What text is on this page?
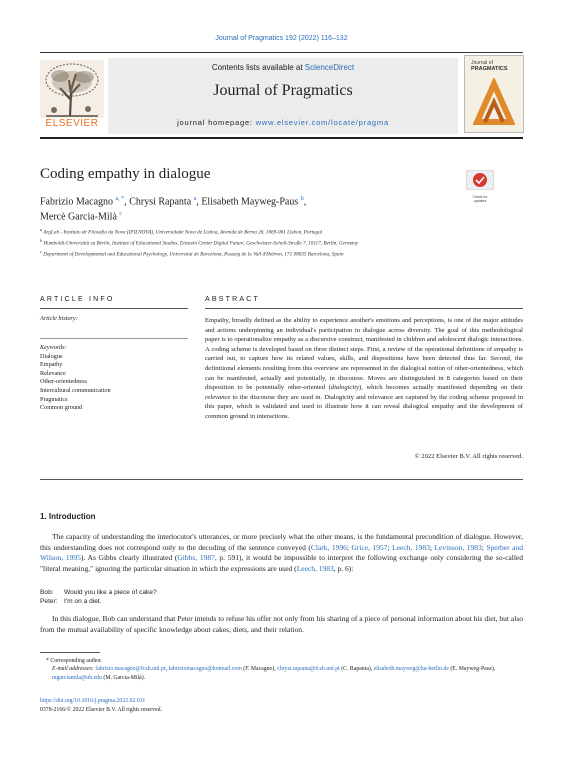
Journal of Pragmatics 192 (2022) 116–132
ELSEVIER
Contents lists available at ScienceDirect
Journal of Pragmatics
journal homepage: www.elsevier.com/locate/pragma
Journal of
PRAGMATICS
Coding empathy in dialogue
Check for
updates
Fabrizio Macagno $^{a, *}$, Chrysi Rapanta $^a$, Elisabeth Mayweg-Paus $^b$,
Mercè Garcia-Milà $^c$
$^a$ ArgLab - Instituto de Filosofia da Nova (IFILNOVA), Universidade Nova de Lisboa, Avenida de Berna 26, 1069-061 Lisbon, Portugal
$^b$ Humboldt-Universität zu Berlin, Institute of Educational Studies, Einstein Center Digital Future, Geschwister-Scholl-Straße 7, 10117, Berlin, Germany
$^c$ Department of Developmental and Educational Psychology, Universitat de Barcelona, Passeig de la Vall d'Hebron, 171 08035 Barcelona, Spain
ARTICLE INFO	ABSTRACT
Article history:
Keywords:
Dialogue
Empathy
Relevance
Other-orientedness
Intercultural communication
Pragmatics
Common ground
Empathy, broadly defined as the ability to experience another's emotions and perceptions, is one of the major attitudes and actions underpinning an individual's participation in dialogue across diversity. The goal of this methodological paper is to operationalize empathy as a discursive construct, manifested in children and adolescent dialogic interactions. A coding scheme is developed based on three distinct steps. First, a review of the operational definitions of empathy is carried out, to capture how its related values, skills, and dispositions have been detected thus far. Second, the definitional elements resulting from this overview are represented in the dialogical notion of other-orientedness, which can be manifested, actually and potentially, in discourse. Moves are distinguished in 8 categories based on their disposition to be potentially other-oriented (dialogicity), which becomes actually manifested depending on their relevance to the discourse they are used in. Dialogicity and relevance are captured by the coding scheme proposed in this paper, which is validated and used to illustrate how it can reveal dialogical empathy and the development of common ground in interactions.
© 2022 Elsevier B.V. All rights reserved.
1. Introduction
The capacity of understanding the interlocutor's utterances, or more precisely what the other means, is the fundamental precondition of dialogue. However, this understanding does not correspond only to the decoding of the sentence conveyed (Clark, 1996; Grice, 1957; Leech, 1983; Levinson, 1983; Sperber and Wilson, 1995). As Gibbs clearly illustrated (Gibbs, 1987, p. 591), it would be impossible to interpret the following exchange only considering the so-called "literal meaning," ignoring the particular situation in which the expressions are used (Leech, 1983, p. 6):
Bob: Would you like a piece of cake?
Peter: I'm on a diet.
In this dialogue, Bob can understand that Peter intends to refuse his offer not only from his sharing of a piece of personal information about his diet, but also from the mutual availability of specific knowledge about cakes, diets, and their relation.
* Corresponding author.
E-mail addresses: fabrizio.macagno@fcsh.unl.pt, fabriziomacagno@hotmail.com (F. Macagno), chrysi.rapanta@fcsh.unl.pt (C. Rapanta), elisabeth.mayweg@hu-berlin.de (E. Mayweg-Paus), mgarciamila@ub.edu (M. Garcia-Milà).
https://doi.org/10.1016/j.pragma.2022.02.011
0378-2166/© 2022 Elsevier B.V. All rights reserved.
